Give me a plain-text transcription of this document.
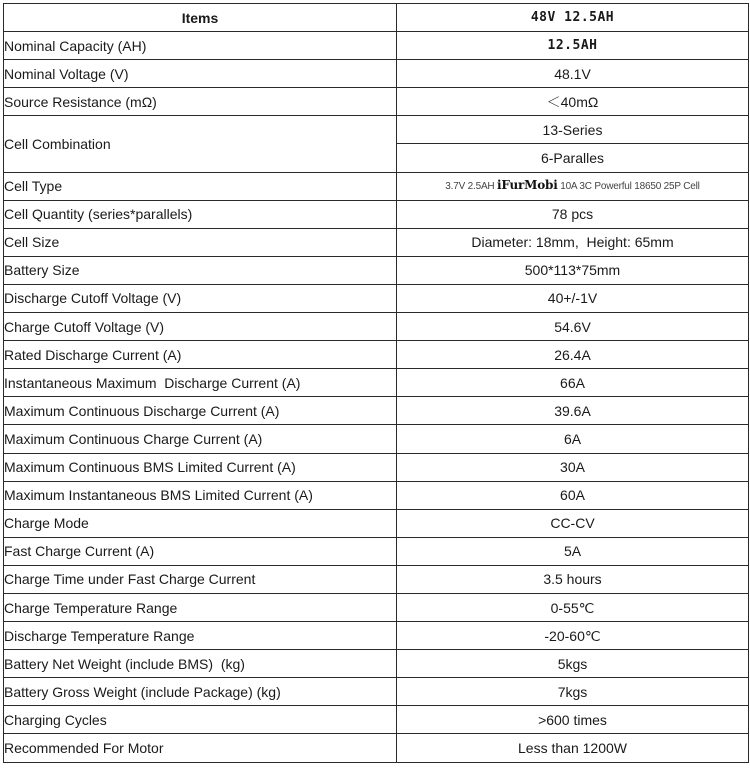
Items	48V 12.5AH
Nominal Capacity (AH)	12.5AH
Nominal Voltage (V)	48.1V
Source Resistance (mΩ)	＜40mΩ
Cell Combination	13-Series
	6-Paralles
Cell Type	3.7V 2.5AH iFurMobi 10A 3C Powerful 18650 25P Cell
Cell Quantity (series*parallels)	78 pcs
Cell Size	Diameter: 18mm,  Height: 65mm
Battery Size	500*113*75mm
Discharge Cutoff Voltage (V)	40+/-1V
Charge Cutoff Voltage (V)	54.6V
Rated Discharge Current (A)	26.4A
Instantaneous Maximum  Discharge Current (A)	66A
Maximum Continuous Discharge Current (A)	39.6A
Maximum Continuous Charge Current (A)	6A
Maximum Continuous BMS Limited Current (A)	30A
Maximum Instantaneous BMS Limited Current (A)	60A
Charge Mode	CC-CV
Fast Charge Current (A)	5A
Charge Time under Fast Charge Current	3.5 hours
Charge Temperature Range	0-55℃
Discharge Temperature Range	-20-60℃
Battery Net Weight (include BMS)  (kg)	5kgs
Battery Gross Weight (include Package) (kg)	7kgs
Charging Cycles	>600 times
Recommended For Motor	Less than 1200W
